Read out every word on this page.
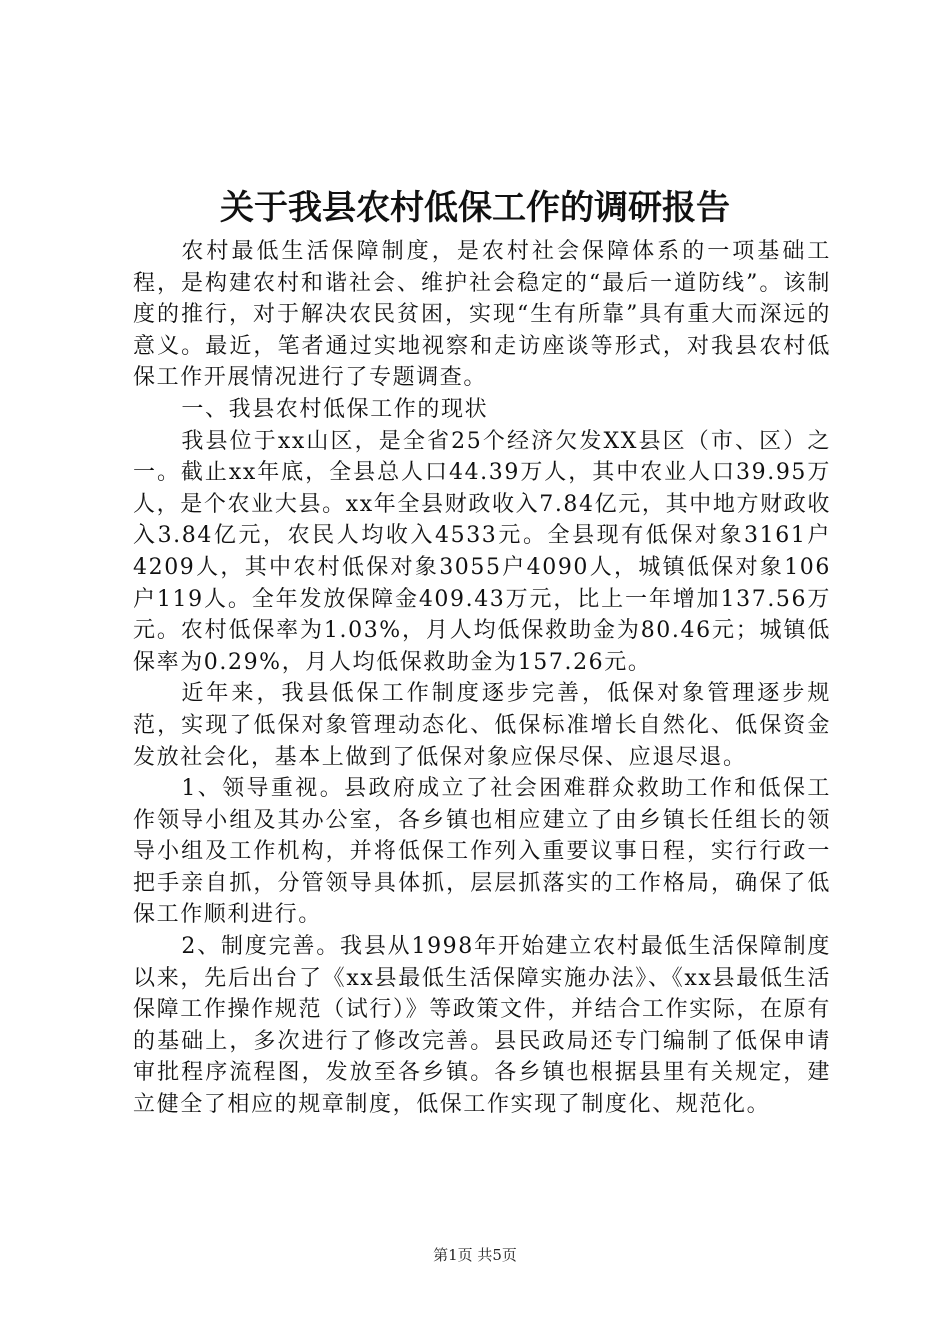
关于我县农村低保工作的调研报告

农村最低生活保障制度，是农村社会保障体系的一项基础工程，是构建农村和谐社会、维护社会稳定的“最后一道防线”。该制度的推行，对于解决农民贫困，实现“生有所靠”具有重大而深远的意义。最近，笔者通过实地视察和走访座谈等形式，对我县农村低保工作开展情况进行了专题调查。

一、我县农村低保工作的现状

我县位于xx山区，是全省25个经济欠发XX县区（市、区）之一。截止xx年底，全县总人口44.39万人，其中农业人口39.95万人，是个农业大县。xx年全县财政收入7.84亿元，其中地方财政收入3.84亿元，农民人均收入4533元。全县现有低保对象3161户4209人，其中农村低保对象3055户4090人，城镇低保对象106户119人。全年发放保障金409.43万元，比上一年增加137.56万元。农村低保率为1.03%，月人均低保救助金为80.46元；城镇低保率为0.29%，月人均低保救助金为157.26元。

近年来，我县低保工作制度逐步完善，低保对象管理逐步规范，实现了低保对象管理动态化、低保标准增长自然化、低保资金发放社会化，基本上做到了低保对象应保尽保、应退尽退。

1、领导重视。县政府成立了社会困难群众救助工作和低保工作领导小组及其办公室，各乡镇也相应建立了由乡镇长任组长的领导小组及工作机构，并将低保工作列入重要议事日程，实行行政一把手亲自抓，分管领导具体抓，层层抓落实的工作格局，确保了低保工作顺利进行。

2、制度完善。我县从1998年开始建立农村最低生活保障制度以来，先后出台了《xx县最低生活保障实施办法》、《xx县最低生活保障工作操作规范（试行）》等政策文件，并结合工作实际，在原有的基础上，多次进行了修改完善。县民政局还专门编制了低保申请审批程序流程图，发放至各乡镇。各乡镇也根据县里有关规定，建立健全了相应的规章制度，低保工作实现了制度化、规范化。

第1页 共5页
